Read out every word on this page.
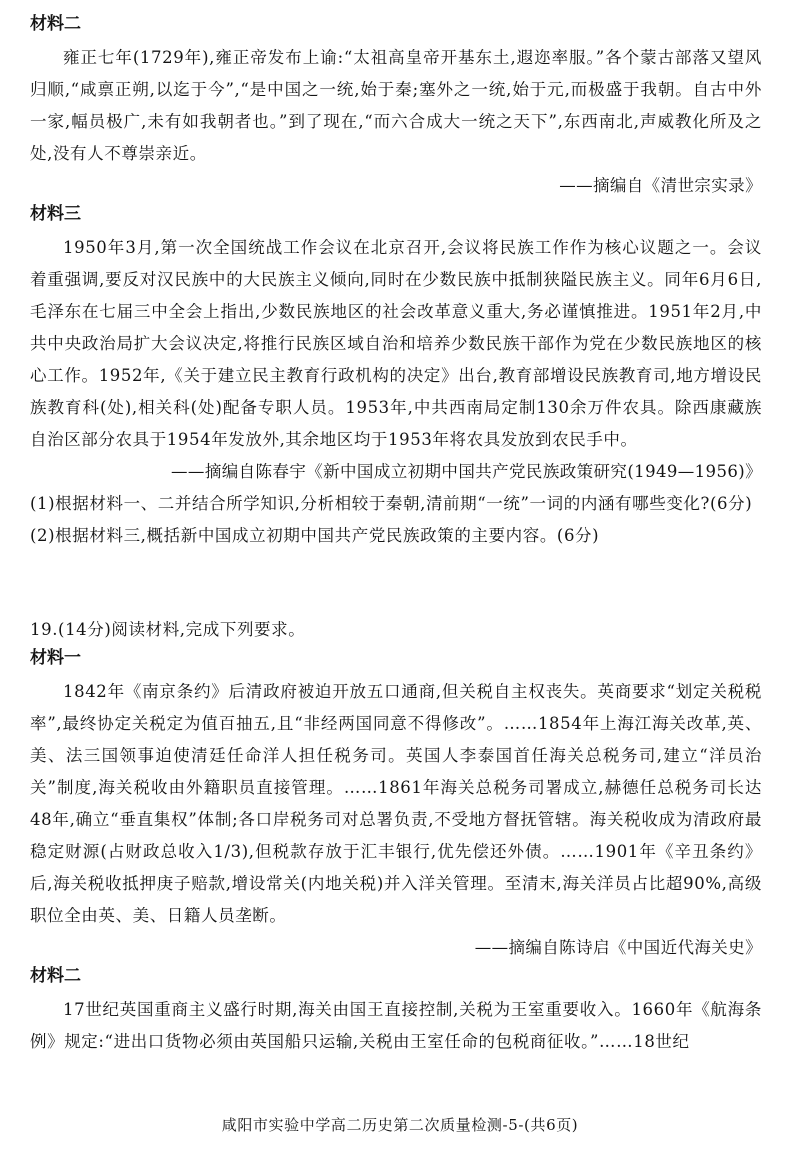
材料二

雍正七年(1729年),雍正帝发布上谕:“太祖高皇帝开基东土,遐迩率服。”各个蒙古部落又望风归顺,“咸禀正朔,以迄于今”,“是中国之一统,始于秦;塞外之一统,始于元,而极盛于我朝。自古中外一家,幅员极广,未有如我朝者也。”到了现在,“而六合成大一统之天下”,东西南北,声威教化所及之处,没有人不尊崇亲近。

——摘编自《清世宗实录》

材料三

1950年3月,第一次全国统战工作会议在北京召开,会议将民族工作作为核心议题之一。会议着重强调,要反对汉民族中的大民族主义倾向,同时在少数民族中抵制狭隘民族主义。同年6月6日,毛泽东在七届三中全会上指出,少数民族地区的社会改革意义重大,务必谨慎推进。1951年2月,中共中央政治局扩大会议决定,将推行民族区域自治和培养少数民族干部作为党在少数民族地区的核心工作。1952年,《关于建立民主教育行政机构的决定》出台,教育部增设民族教育司,地方增设民族教育科(处),相关科(处)配备专职人员。1953年,中共西南局定制130余万件农具。除西康藏族自治区部分农具于1954年发放外,其余地区均于1953年将农具发放到农民手中。

——摘编自陈春宇《新中国成立初期中国共产党民族政策研究(1949—1956)》

(1)根据材料一、二并结合所学知识,分析相较于秦朝,清前期“一统”一词的内涵有哪些变化?(6分)

(2)根据材料三,概括新中国成立初期中国共产党民族政策的主要内容。(6分)

19.(14分)阅读材料,完成下列要求。

材料一

1842年《南京条约》后清政府被迫开放五口通商,但关税自主权丧失。英商要求“划定关税税率”,最终协定关税定为值百抽五,且“非经两国同意不得修改”。……1854年上海江海关改革,英、美、法三国领事迫使清廷任命洋人担任税务司。英国人李泰国首任海关总税务司,建立“洋员治关”制度,海关税收由外籍职员直接管理。……1861年海关总税务司署成立,赫德任总税务司长达48年,确立“垂直集权”体制;各口岸税务司对总署负责,不受地方督抚管辖。海关税收成为清政府最稳定财源(占财政总收入1/3),但税款存放于汇丰银行,优先偿还外债。……1901年《辛丑条约》后,海关税收抵押庚子赔款,增设常关(内地关税)并入洋关管理。至清末,海关洋员占比超90%,高级职位全由英、美、日籍人员垄断。

——摘编自陈诗启《中国近代海关史》

材料二

17世纪英国重商主义盛行时期,海关由国王直接控制,关税为王室重要收入。1660年《航海条例》规定:“进出口货物必须由英国船只运输,关税由王室任命的包税商征收。”……18世纪

咸阳市实验中学高二历史第二次质量检测-5-(共6页)
